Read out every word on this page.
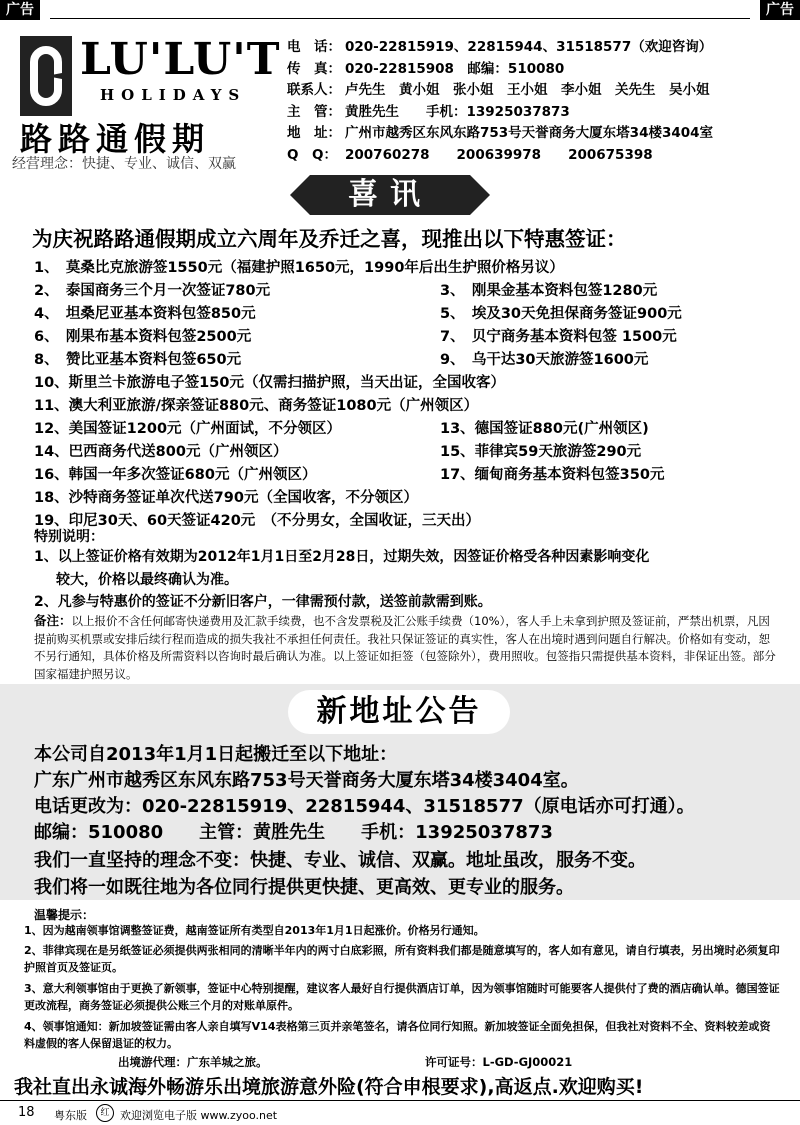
广告	广告
LU'LU'T
HOLIDAYS
路路通假期
经营理念：快捷、专业、诚信、双赢
电　话： 020-22815919、22815944、31518577（欢迎咨询）
传　真： 020-22815908　邮编：510080
联系人： 卢先生　黄小姐　张小姐　王小姐　李小姐　关先生　吴小姐
主　管： 黄胜先生　　手机：13925037873
地　址： 广州市越秀区东风东路753号天誉商务大厦东塔34楼3404室
Q　Q： 200760278　　200639978　　200675398
喜讯
为庆祝路路通假期成立六周年及乔迁之喜，现推出以下特惠签证：
1、　莫桑比克旅游签1550元（福建护照1650元，1990年后出生护照价格另议）
2、　泰国商务三个月一次签证780元	3、　刚果金基本资料包签1280元
4、　坦桑尼亚基本资料包签850元	5、　埃及30天免担保商务签证900元
6、　刚果布基本资料包签2500元	7、　贝宁商务基本资料包签 1500元
8、　赞比亚基本资料包签650元	9、　乌干达30天旅游签1600元
10、斯里兰卡旅游电子签150元（仅需扫描护照，当天出证，全国收客）
11、澳大利亚旅游/探亲签证880元、商务签证1080元（广州领区）
12、美国签证1200元（广州面试，不分领区）	13、德国签证880元(广州领区)
14、巴西商务代送800元（广州领区）	15、菲律宾59天旅游签290元
16、韩国一年多次签证680元（广州领区）	17、缅甸商务基本资料包签350元
18、沙特商务签证单次代送790元（全国收客，不分领区）
19、印尼30天、60天签证420元　（不分男女，全国收证，三天出）
特别说明：
1、以上签证价格有效期为2012年1月1日至2月28日，过期失效，因签证价格受各种因素影响变化
较大，价格以最终确认为准。
2、凡参与特惠价的签证不分新旧客户，一律需预付款，送签前款需到账。
备注：以上报价不含任何邮寄快递费用及汇款手续费，也不含发票税及汇公账手续费（10%），客人手上未拿到护照及签证前，严禁出机票，凡因提前购买机票或安排后续行程而造成的损失我社不承担任何责任。我社只保证签证的真实性，客人在出境时遇到问题自行解决。价格如有变动，恕不另行通知，具体价格及所需资料以咨询时最后确认为准。以上签证如拒签（包签除外），费用照收。包签指只需提供基本资料，非保证出签。部分国家福建护照另议。
新地址公告
本公司自2013年1月1日起搬迁至以下地址：
广东广州市越秀区东风东路753号天誉商务大厦东塔34楼3404室。
电话更改为：020-22815919、22815944、31518577（原电话亦可打通）。
邮编：510080　　主管：黄胜先生　　手机：13925037873
我们一直坚持的理念不变：快捷、专业、诚信、双赢。地址虽改，服务不变。
我们将一如既往地为各位同行提供更快捷、更高效、更专业的服务。
温馨提示：
1、因为越南领事馆调整签证费，越南签证所有类型自2013年1月1日起涨价。价格另行通知。
2、菲律宾现在是另纸签证必须提供两张相同的清晰半年内的两寸白底彩照，所有资料我们都是随意填写的，客人如有意见，请自行填表，另出境时必须复印护照首页及签证页。
3、意大利领事馆由于更换了新领事，签证中心特别提醒，建议客人最好自行提供酒店订单，因为领事馆随时可能要客人提供付了费的酒店确认单。德国签证更改流程，商务签证必须提供公账三个月的对账单原件。
4、领事馆通知：新加坡签证需由客人亲自填写V14表格第三页并亲笔签名，请各位同行知照。新加坡签证全面免担保，但我社对资料不全、资料较差或资料虚假的客人保留退证的权力。
出境游代理：广东羊城之旅。	许可证号：L-GD-GJ00021
我社直出永诚海外畅游乐出境旅游意外险(符合申根要求),高返点.欢迎购买!
18 粤东版	红 欢迎浏览电子版 www.zyoo.net
